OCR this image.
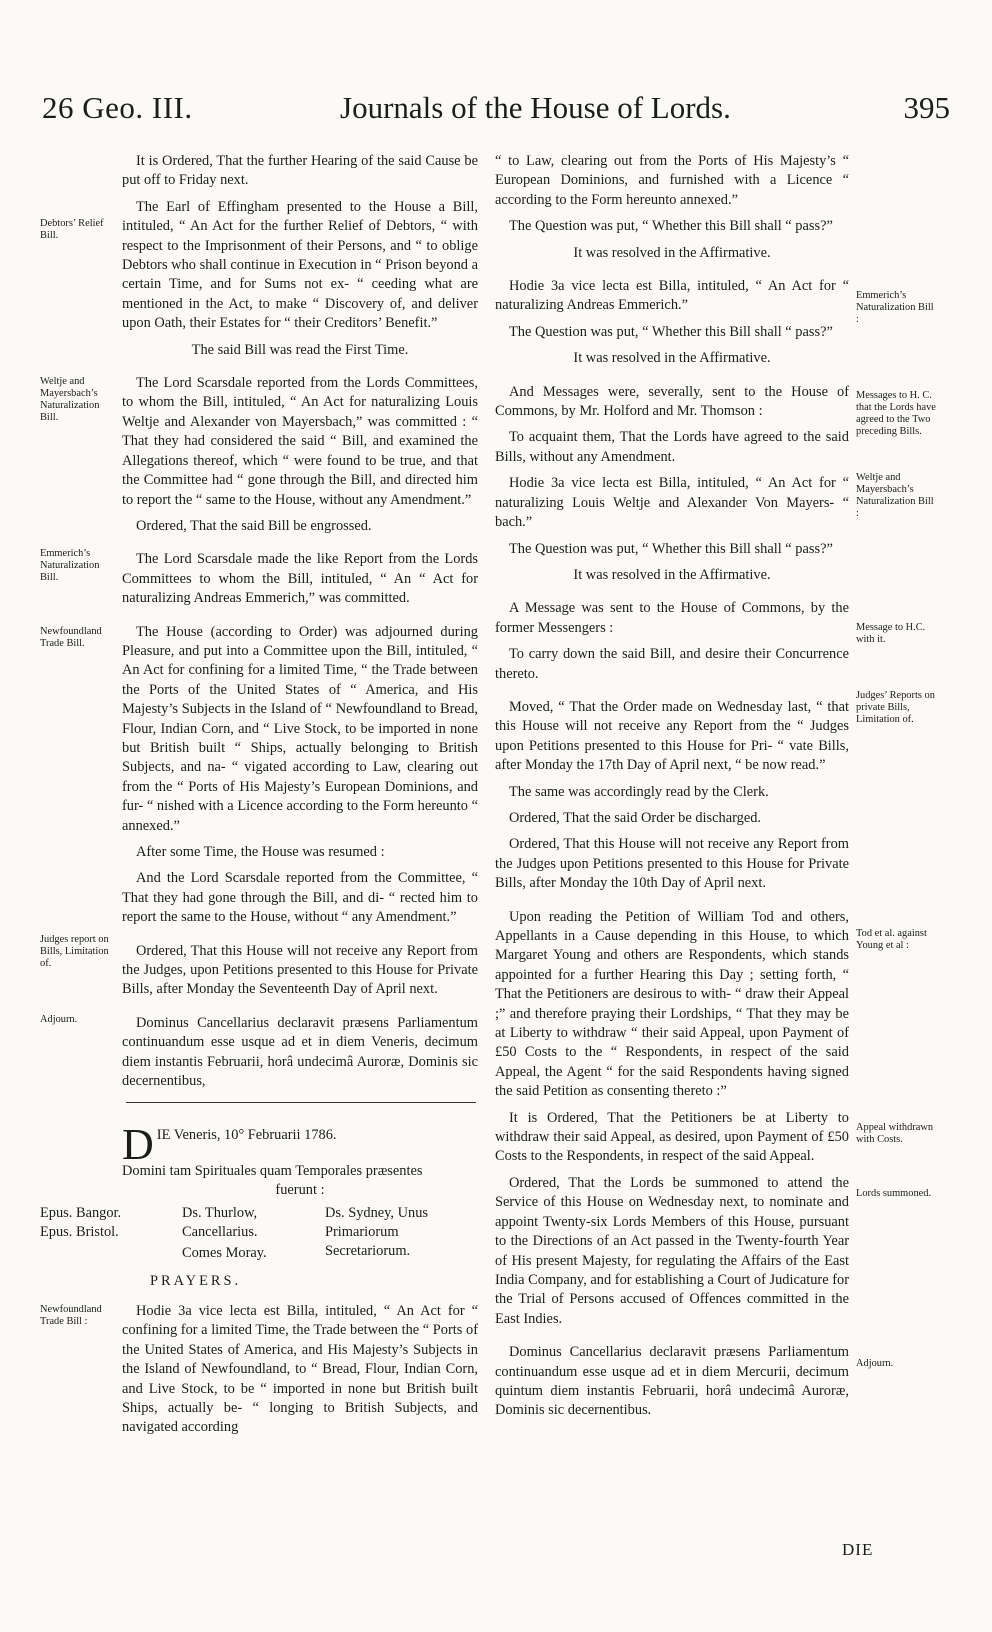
26 Geo. III.	Journals of the House of Lords.	395

It is Ordered, That the further Hearing of the said Cause be put off to Friday next.

The Earl of Effingham presented to the House a Bill, intituled, “ An Act for the further Relief of Debtors, “ with respect to the Imprisonment of their Persons, and “ to oblige Debtors who shall continue in Execution in “ Prison beyond a certain Time, and for Sums not ex- “ ceeding what are mentioned in the Act, to make “ Discovery of, and deliver upon Oath, their Estates for “ their Creditors’ Benefit.”

The said Bill was read the First Time.

The Lord Scarsdale reported from the Lords Committees, to whom the Bill, intituled, “ An Act for naturalizing Louis Weltje and Alexander von Mayersbach,” was committed : “ That they had considered the said “ Bill, and examined the Allegations thereof, which “ were found to be true, and that the Committee had “ gone through the Bill, and directed him to report the “ same to the House, without any Amendment.”

Ordered, That the said Bill be engrossed.

The Lord Scarsdale made the like Report from the Lords Committees to whom the Bill, intituled, “ An “ Act for naturalizing Andreas Emmerich,” was committed.

The House (according to Order) was adjourned during Pleasure, and put into a Committee upon the Bill, intituled, “ An Act for confining for a limited Time, “ the Trade between the Ports of the United States of “ America, and His Majesty’s Subjects in the Island of “ Newfoundland to Bread, Flour, Indian Corn, and “ Live Stock, to be imported in none but British built “ Ships, actually belonging to British Subjects, and na- “ vigated according to Law, clearing out from the “ Ports of His Majesty’s European Dominions, and fur- “ nished with a Licence according to the Form hereunto “ annexed.”

After some Time, the House was resumed :

And the Lord Scarsdale reported from the Committee, “ That they had gone through the Bill, and di- “ rected him to report the same to the House, without “ any Amendment.”

Ordered, That this House will not receive any Report from the Judges, upon Petitions presented to this House for Private Bills, after Monday the Seventeenth Day of April next.

Dominus Cancellarius declaravit præsens Parliamentum continuandum esse usque ad et in diem Veneris, decimum diem instantis Februarii, horâ undecimâ Auroræ, Dominis sic decernentibus,

D IE Veneris, 10° Februarii 1786.
Domini tam Spirituales quam Temporales præsentes
fuerunt :
Epus. Bangor.
Epus. Bristol.
Ds. Thurlow, Cancellarius.
Ds. Sydney, Unus Primariorum Secretariorum.
Comes Moray.
PRAYERS.

Hodie 3a vice lecta est Billa, intituled, “ An Act for “ confining for a limited Time, the Trade between the “ Ports of the United States of America, and His Majesty’s Subjects in the Island of Newfoundland, to “ Bread, Flour, Indian Corn, and Live Stock, to be “ imported in none but British built Ships, actually be- “ longing to British Subjects, and navigated according

“ to Law, clearing out from the Ports of His Majesty’s “ European Dominions, and furnished with a Licence “ according to the Form hereunto annexed.”

The Question was put, “ Whether this Bill shall “ pass?”

It was resolved in the Affirmative.

Hodie 3a vice lecta est Billa, intituled, “ An Act for “ naturalizing Andreas Emmerich.”

The Question was put, “ Whether this Bill shall “ pass?”

It was resolved in the Affirmative.

And Messages were, severally, sent to the House of Commons, by Mr. Holford and Mr. Thomson :

To acquaint them, That the Lords have agreed to the said Bills, without any Amendment.

Hodie 3a vice lecta est Billa, intituled, “ An Act for “ naturalizing Louis Weltje and Alexander Von Mayers- “ bach.”

The Question was put, “ Whether this Bill shall “ pass?”

It was resolved in the Affirmative.

A Message was sent to the House of Commons, by the former Messengers :

To carry down the said Bill, and desire their Concurrence thereto.

Moved, “ That the Order made on Wednesday last, “ that this House will not receive any Report from the “ Judges upon Petitions presented to this House for Pri- “ vate Bills, after Monday the 17th Day of April next, “ be now read.”

The same was accordingly read by the Clerk.

Ordered, That the said Order be discharged.

Ordered, That this House will not receive any Report from the Judges upon Petitions presented to this House for Private Bills, after Monday the 10th Day of April next.

Upon reading the Petition of William Tod and others, Appellants in a Cause depending in this House, to which Margaret Young and others are Respondents, which stands appointed for a further Hearing this Day ; setting forth, “ That the Petitioners are desirous to with- “ draw their Appeal ;” and therefore praying their Lordships, “ That they may be at Liberty to withdraw “ their said Appeal, upon Payment of £50 Costs to the “ Respondents, in respect of the said Appeal, the Agent “ for the said Respondents having signed the said Petition as consenting thereto :”

It is Ordered, That the Petitioners be at Liberty to withdraw their said Appeal, as desired, upon Payment of £50 Costs to the Respondents, in respect of the said Appeal.

Ordered, That the Lords be summoned to attend the Service of this House on Wednesday next, to nominate and appoint Twenty-six Lords Members of this House, pursuant to the Directions of an Act passed in the Twenty-fourth Year of His present Majesty, for regulating the Affairs of the East India Company, and for establishing a Court of Judicature for the Trial of Persons accused of Offences committed in the East Indies.

Dominus Cancellarius declaravit præsens Parliamentum continuandum esse usque ad et in diem Mercurii, decimum quintum diem instantis Februarii, horâ undecimâ Auroræ, Dominis sic decernentibus.

Debtors’ Relief Bill.
Weltje and Mayersbach’s Naturalization Bill.
Emmerich’s Naturalization Bill.
Newfoundland Trade Bill.
Judges report on Bills, Limitation of.
Adjourn.
Newfoundland Trade Bill :
Emmerich’s Naturalization Bill :
Messages to H. C. that the Lords have agreed to the Two preceding Bills.
Weltje and Mayersbach’s Naturalization Bill :
Message to H.C. with it.
Judges’ Reports on private Bills, Limitation of.
Tod et al. against Young et al :
Appeal withdrawn with Costs.
Lords summoned.
Adjourn.
DIE
